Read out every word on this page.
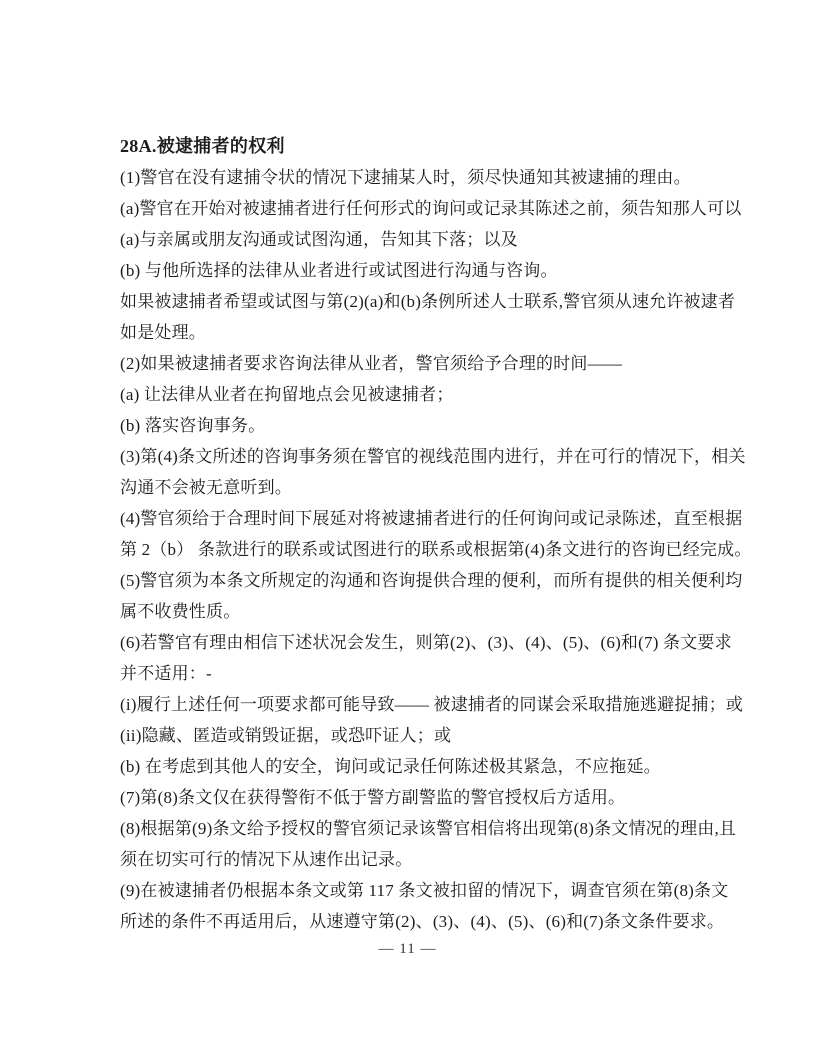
28A.被逮捕者的权利
(1)警官在没有逮捕令状的情况下逮捕某人时，须尽快通知其被逮捕的理由。
(a)警官在开始对被逮捕者进行任何形式的询问或记录其陈述之前，须告知那人可以
(a)与亲属或朋友沟通或试图沟通，告知其下落；以及
(b) 与他所选择的法律从业者进行或试图进行沟通与咨询。
如果被逮捕者希望或试图与第(2)(a)和(b)条例所述人士联系,警官须从速允许被逮者
如是处理。
(2)如果被逮捕者要求咨询法律从业者，警官须给予合理的时间——
(a) 让法律从业者在拘留地点会见被逮捕者；
(b) 落实咨询事务。
(3)第(4)条文所述的咨询事务须在警官的视线范围内进行，并在可行的情况下，相关
沟通不会被无意听到。
(4)警官须给于合理时间下展延对将被逮捕者进行的任何询问或记录陈述，直至根据
第 2（b） 条款进行的联系或试图进行的联系或根据第(4)条文进行的咨询已经完成。
(5)警官须为本条文所规定的沟通和咨询提供合理的便利，而所有提供的相关便利均
属不收费性质。
(6)若警官有理由相信下述状况会发生，则第(2)、(3)、(4)、(5)、(6)和(7) 条文要求
并不适用：-
(i)履行上述任何一项要求都可能导致—— 被逮捕者的同谋会采取措施逃避捉捕；或
(ii)隐藏、匿造或销毁证据，或恐吓证人；或
(b) 在考虑到其他人的安全，询问或记录任何陈述极其紧急，不应拖延。
(7)第(8)条文仅在获得警衔不低于警方副警监的警官授权后方适用。
(8)根据第(9)条文给予授权的警官须记录该警官相信将出现第(8)条文情况的理由,且
须在切实可行的情况下从速作出记录。
(9)在被逮捕者仍根据本条文或第 117 条文被扣留的情况下，调查官须在第(8)条文
所述的条件不再适用后，从速遵守第(2)、(3)、(4)、(5)、(6)和(7)条文条件要求。
— 11 —
